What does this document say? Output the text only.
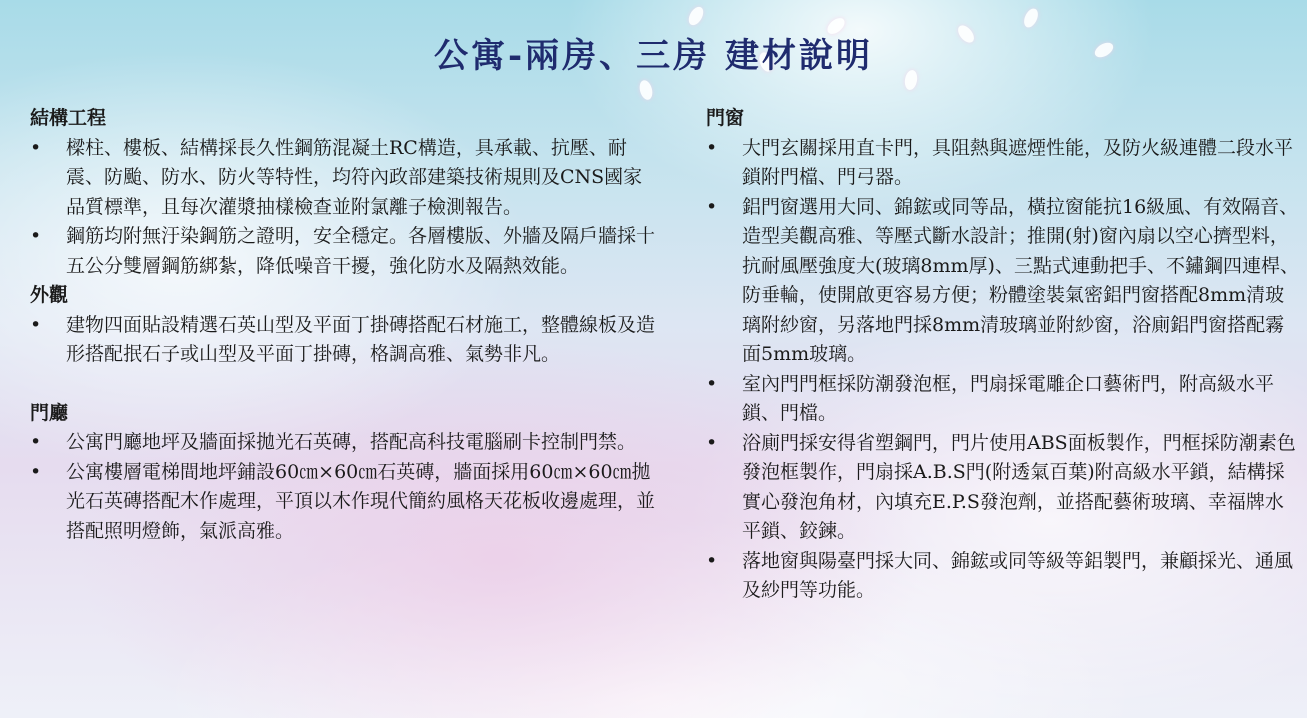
公寓-兩房、三房 建材說明

結構工程

• 樑柱、樓板、結構採長久性鋼筋混凝土RC構造，具承載、抗壓、耐震、防颱、防水、防火等特性，均符內政部建築技術規則及CNS國家品質標準，且每次灌漿抽樣檢查並附氯離子檢測報告。
• 鋼筋均附無汙染鋼筋之證明，安全穩定。各層樓版、外牆及隔戶牆採十五公分雙層鋼筋綁紮，降低噪音干擾，強化防水及隔熱效能。

外觀

• 建物四面貼設精選石英山型及平面丁掛磚搭配石材施工，整體線板及造形搭配抿石子或山型及平面丁掛磚，格調高雅、氣勢非凡。

門廳

• 公寓門廳地坪及牆面採拋光石英磚，搭配高科技電腦刷卡控制門禁。
• 公寓樓層電梯間地坪鋪設60㎝×60㎝石英磚，牆面採用60㎝×60㎝拋光石英磚搭配木作處理，平頂以木作現代簡約風格天花板收邊處理，並搭配照明燈飾，氣派高雅。

門窗

• 大門玄關採用直卡門，具阻熱與遮煙性能，及防火級連體二段水平鎖附門檔、門弓器。
• 鋁門窗選用大同、錦鋐或同等品，橫拉窗能抗16級風、有效隔音、造型美觀高雅、等壓式斷水設計；推開(射)窗內扇以空心擠型料，抗耐風壓強度大(玻璃8mm厚)、三點式連動把手、不鏽鋼四連桿、防垂輪，使開啟更容易方便；粉體塗裝氣密鋁門窗搭配8mm清玻璃附紗窗，另落地門採8mm清玻璃並附紗窗，浴廁鋁門窗搭配霧面5mm玻璃。
• 室內門門框採防潮發泡框，門扇採電雕企口藝術門，附高級水平鎖、門檔。
• 浴廁門採安得省塑鋼門，門片使用ABS面板製作，門框採防潮素色發泡框製作，門扇採A.B.S門(附透氣百葉)附高級水平鎖，結構採實心發泡角材，內填充E.P.S發泡劑，並搭配藝術玻璃、幸福牌水平鎖、鉸鍊。
• 落地窗與陽臺門採大同、錦鋐或同等級等鋁製門，兼顧採光、通風及紗門等功能。
